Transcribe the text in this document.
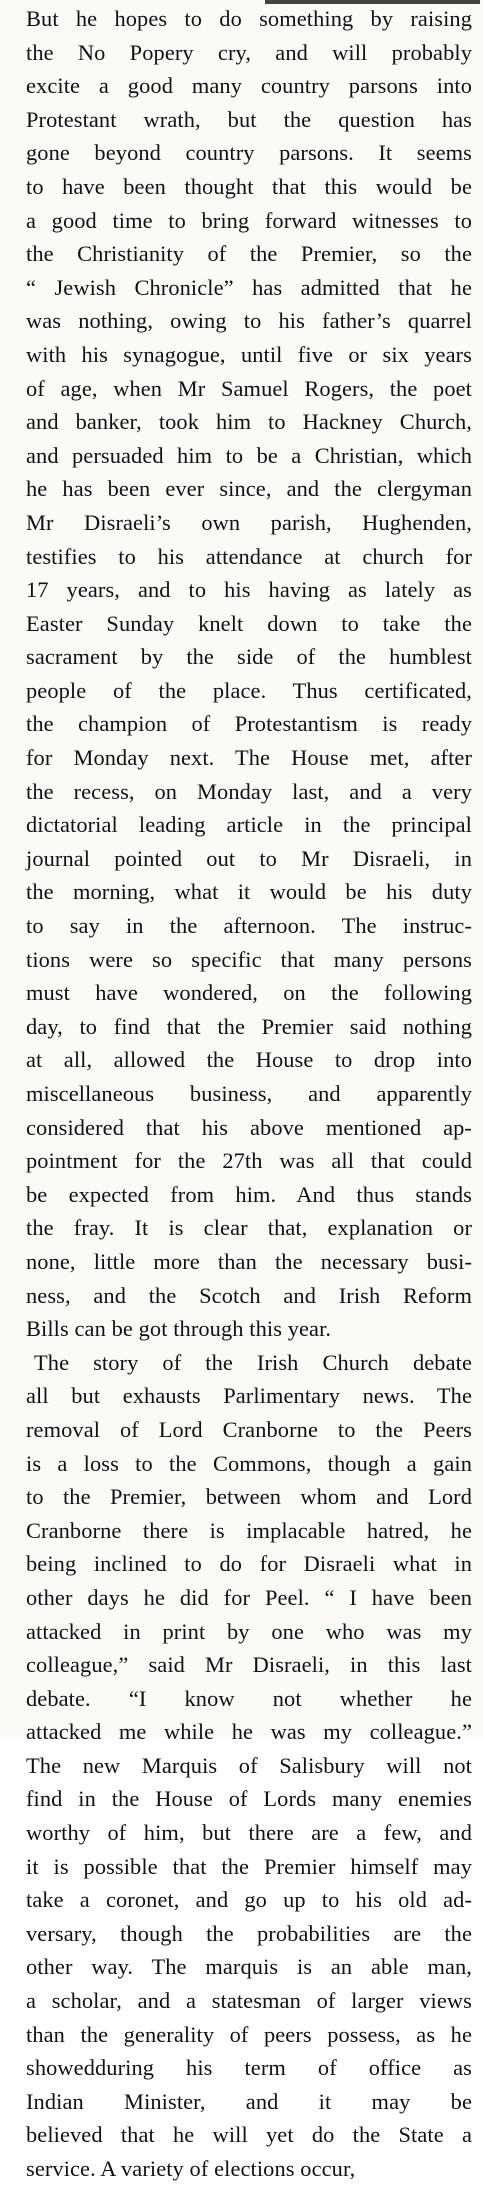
But he hopes to do something by raising
the No Popery cry, and will probably
excite a good many country parsons into
Protestant wrath, but the question has
gone beyond country parsons. It seems
to have been thought that this would be
a good time to bring forward witnesses to
the Christianity of the Premier, so the
“ Jewish Chronicle” has admitted that he
was nothing, owing to his father’s quarrel
with his synagogue, until five or six years
of age, when Mr Samuel Rogers, the poet
and banker, took him to Hackney Church,
and persuaded him to be a Christian, which
he has been ever since, and the clergyman
Mr Disraeli’s own parish, Hughenden,
testifies to his attendance at church for
17 years, and to his having as lately as
Easter Sunday knelt down to take the
sacrament by the side of the humblest
people of the place. Thus certificated,
the champion of Protestantism is ready
for Monday next. The House met, after
the recess, on Monday last, and a very
dictatorial leading article in the principal
journal pointed out to Mr Disraeli, in
the morning, what it would be his duty
to say in the afternoon. The instruc-
tions were so specific that many persons
must have wondered, on the following
day, to find that the Premier said nothing
at all, allowed the House to drop into
miscellaneous business, and apparently
considered that his above mentioned ap-
pointment for the 27th was all that could
be expected from him. And thus stands
the fray. It is clear that, explanation or
none, little more than the necessary busi-
ness, and the Scotch and Irish Reform
Bills can be got through this year.
The story of the Irish Church debate
all but exhausts Parlimentary news. The
removal of Lord Cranborne to the Peers
is a loss to the Commons, though a gain
to the Premier, between whom and Lord
Cranborne there is implacable hatred, he
being inclined to do for Disraeli what in
other days he did for Peel. “ I have been
attacked in print by one who was my
colleague,” said Mr Disraeli, in this last
debate. “I know not whether he
attacked me while he was my colleague.”
The new Marquis of Salisbury will not
find in the House of Lords many enemies
worthy of him, but there are a few, and
it is possible that the Premier himself may
take a coronet, and go up to his old ad-
versary, though the probabilities are the
other way. The marquis is an able man,
a scholar, and a statesman of larger views
than the generality of peers possess, as he
showedduring his term of office as
Indian Minister, and it may be
believed that he will yet do the State a
service. A variety of elections occur,
